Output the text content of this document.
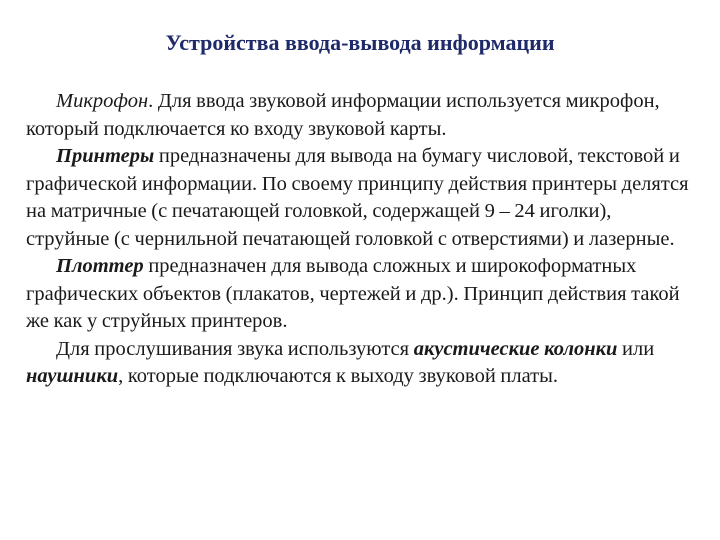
Устройства ввода-вывода информации

Микрофон. Для ввода звуковой информации используется микрофон, который подключается ко входу звуковой карты.

Принтеры предназначены для вывода на бумагу числовой, текстовой и графической информации. По своему принципу действия принтеры делятся на матричные (с печатающей головкой, содержащей 9 – 24 иголки), струйные (с чернильной печатающей головкой с отверстиями) и лазерные.

Плоттер предназначен для вывода сложных и широкоформатных графических объектов (плакатов, чертежей и др.). Принцип действия такой же как у струйных принтеров.

Для прослушивания звука используются акустические колонки или наушники, которые подключаются к выходу звуковой платы.
